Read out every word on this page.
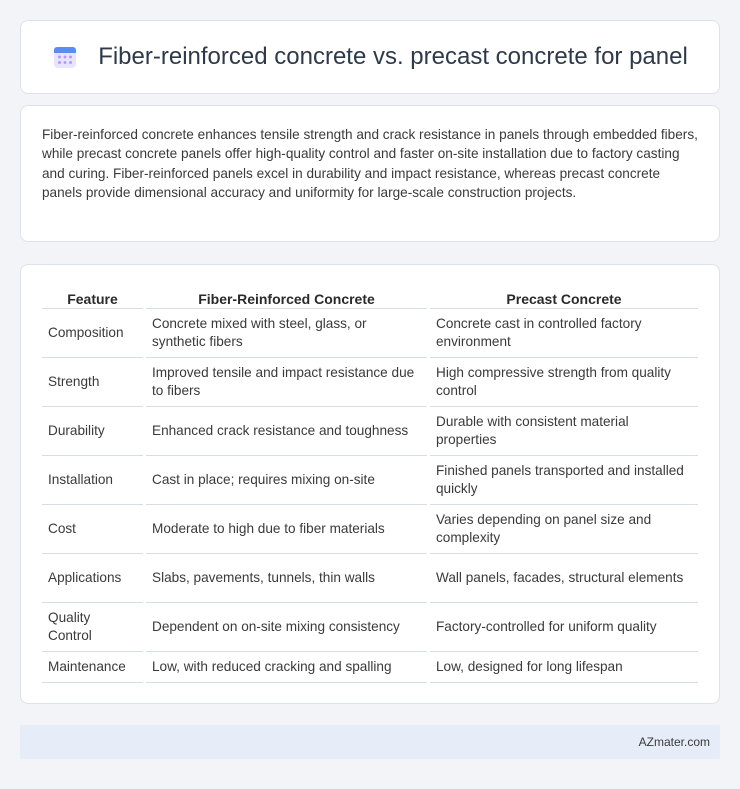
Fiber-reinforced concrete vs. precast concrete for panel

Fiber-reinforced concrete enhances tensile strength and crack resistance in panels through embedded fibers, while precast concrete panels offer high-quality control and faster on-site installation due to factory casting and curing. Fiber-reinforced panels excel in durability and impact resistance, whereas precast concrete panels provide dimensional accuracy and uniformity for large-scale construction projects.

Feature	Fiber-Reinforced Concrete	Precast Concrete
Composition	Concrete mixed with steel, glass, or synthetic fibers	Concrete cast in controlled factory environment
Strength	Improved tensile and impact resistance due to fibers	High compressive strength from quality control
Durability	Enhanced crack resistance and toughness	Durable with consistent material properties
Installation	Cast in place; requires mixing on-site	Finished panels transported and installed quickly
Cost	Moderate to high due to fiber materials	Varies depending on panel size and complexity
Applications	Slabs, pavements, tunnels, thin walls	Wall panels, facades, structural elements
Quality Control	Dependent on on-site mixing consistency	Factory-controlled for uniform quality
Maintenance	Low, with reduced cracking and spalling	Low, designed for long lifespan
AZmater.com
